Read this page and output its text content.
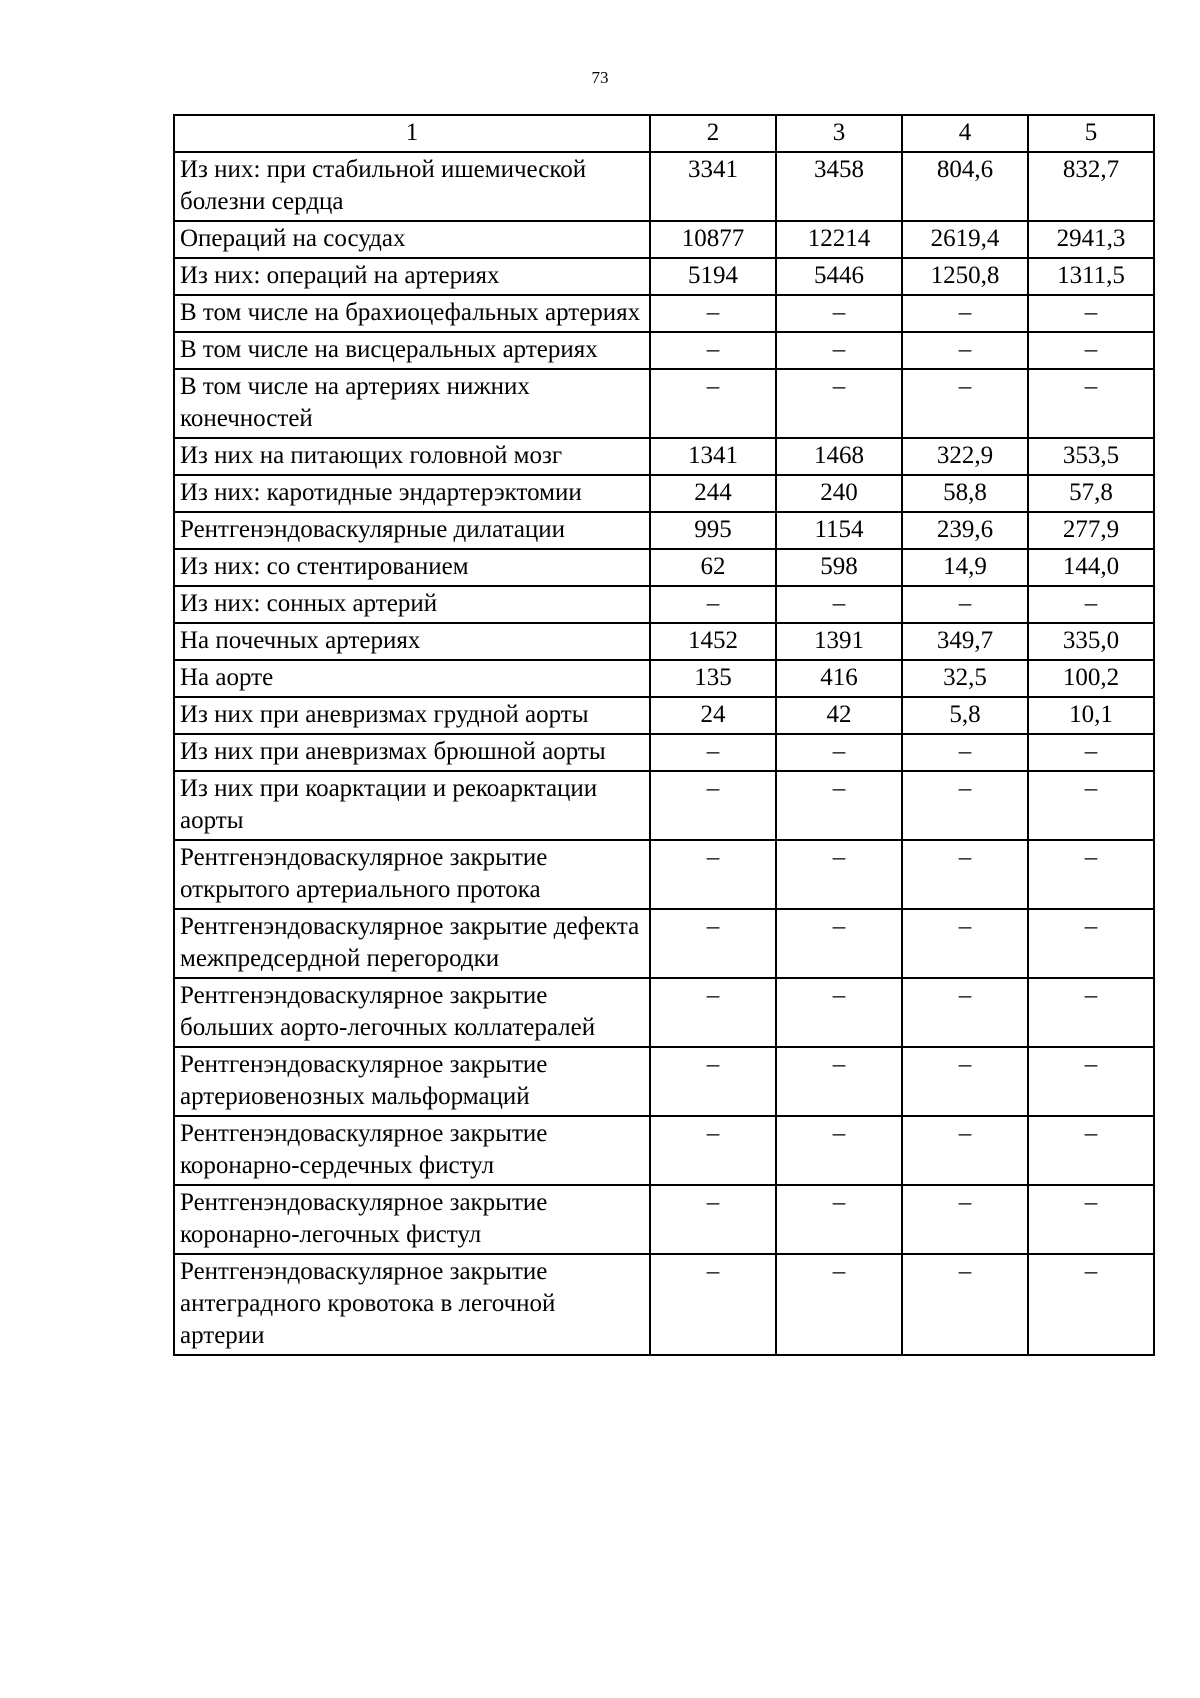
73
1	2	3	4	5
Из них: при стабильной ишемической болезни сердца	3341	3458	804,6	832,7
Операций на сосудах	10877	12214	2619,4	2941,3
Из них: операций на артериях	5194	5446	1250,8	1311,5
В том числе на брахиоцефальных артериях	–	–	–	–
В том числе на висцеральных артериях	–	–	–	–
В том числе на артериях нижних конечностей	–	–	–	–
Из них на питающих головной мозг	1341	1468	322,9	353,5
Из них: каротидные эндартерэктомии	244	240	58,8	57,8
Рентгенэндоваскулярные дилатации	995	1154	239,6	277,9
Из них: со стентированием	62	598	14,9	144,0
Из них: сонных артерий	–	–	–	–
На почечных артериях	1452	1391	349,7	335,0
На аорте	135	416	32,5	100,2
Из них при аневризмах грудной аорты	24	42	5,8	10,1
Из них при аневризмах брюшной аорты	–	–	–	–
Из них при коарктации и рекоарктации аорты	–	–	–	–
Рентгенэндоваскулярное закрытие открытого артериального протока	–	–	–	–
Рентгенэндоваскулярное закрытие дефекта межпредсердной перегородки	–	–	–	–
Рентгенэндоваскулярное закрытие больших аорто-легочных коллатералей	–	–	–	–
Рентгенэндоваскулярное закрытие артериовенозных мальформаций	–	–	–	–
Рентгенэндоваскулярное закрытие коронарно-сердечных фистул	–	–	–	–
Рентгенэндоваскулярное закрытие коронарно-легочных фистул	–	–	–	–
Рентгенэндоваскулярное закрытие антеградного кровотока в легочной артерии	–	–	–	–
